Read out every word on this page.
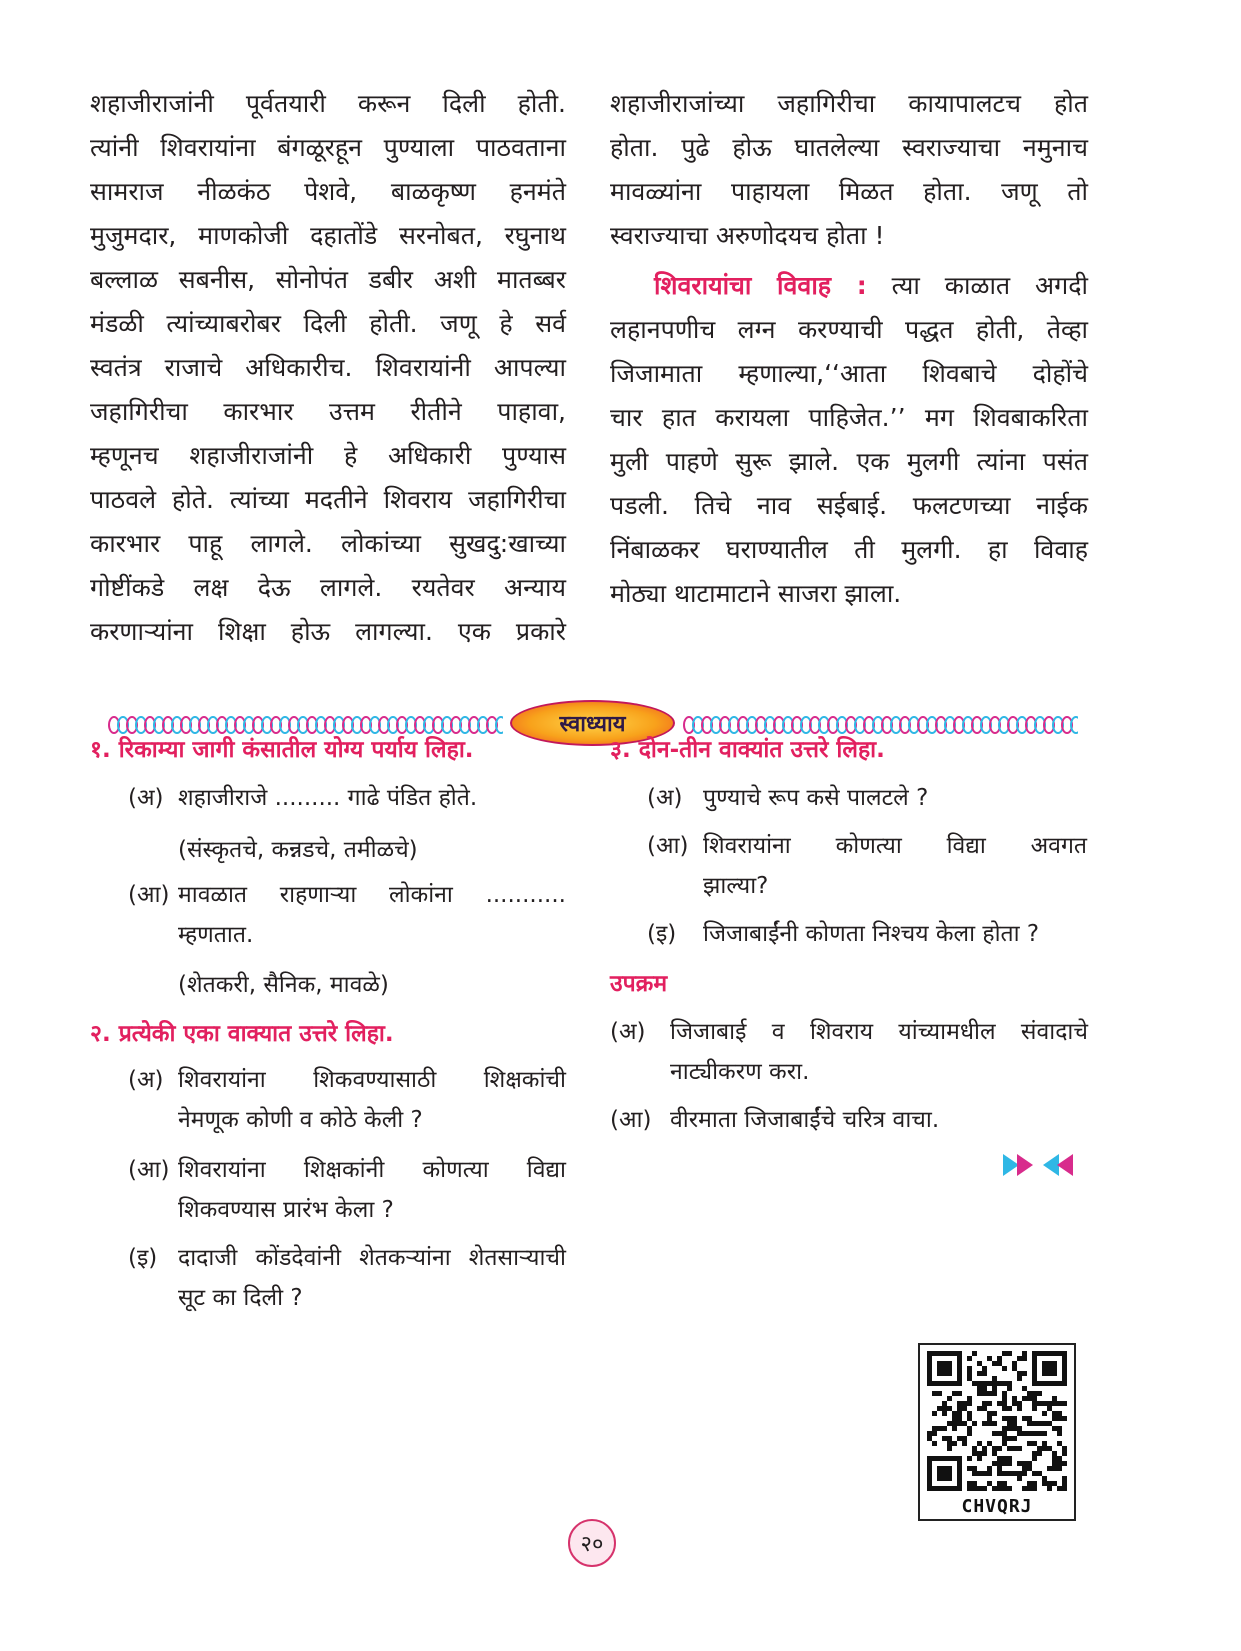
शहाजीराजांनी पूर्वतयारी करून दिली होती.
त्यांनी शिवरायांना बंगळूरहून पुण्याला पाठवताना
सामराज नीळकंठ पेशवे, बाळकृष्ण हनमंते
मुजुमदार, माणकोजी दहातोंडे सरनोबत, रघुनाथ
बल्लाळ सबनीस, सोनोपंत डबीर अशी मातब्बर
मंडळी त्यांच्याबरोबर दिली होती. जणू हे सर्व
स्वतंत्र राजाचे अधिकारीच. शिवरायांनी आपल्या
जहागिरीचा कारभार उत्तम रीतीने पाहावा,
म्हणूनच शहाजीराजांनी हे अधिकारी पुण्यास
पाठवले होते. त्यांच्या मदतीने शिवराय जहागिरीचा
कारभार पाहू लागले. लोकांच्या सुखदु:खाच्या
गोष्टींकडे लक्ष देऊ लागले. रयतेवर अन्याय
करणाऱ्यांना शिक्षा होऊ लागल्या. एक प्रकारे

शहाजीराजांच्या जहागिरीचा कायापालटच होत
होता. पुढे होऊ घातलेल्या स्वराज्याचा नमुनाच
मावळ्यांना पाहायला मिळत होता. जणू तो
स्वराज्याचा अरुणोदयच होता !

शिवरायांचा विवाह : त्या काळात अगदी
लहानपणीच लग्न करण्याची पद्धत होती, तेव्हा
जिजामाता म्हणाल्या,‘‘आता शिवबाचे दोहोंचे
चार हात करायला पाहिजेत.’’ मग शिवबाकरिता
मुली पाहणे सुरू झाले. एक मुलगी त्यांना पसंत
पडली. तिचे नाव सईबाई. फलटणच्या नाईक
निंबाळकर घराण्यातील ती मुलगी. हा विवाह
मोठ्या थाटामाटाने साजरा झाला.

स्वाध्याय
१. रिकाम्या जागी कंसातील योग्य पर्याय लिहा.
(अ) शहाजीराजे ......... गाढे पंडित होते.
(संस्कृतचे, कन्नडचे, तमीळचे)
(आ) मावळात राहणाऱ्या लोकांना ...........
म्हणतात.
(शेतकरी, सैनिक, मावळे)
२. प्रत्येकी एका वाक्यात उत्तरे लिहा.
(अ) शिवरायांना शिकवण्यासाठी शिक्षकांची
नेमणूक कोणी व कोठे केली ?
(आ) शिवरायांना शिक्षकांनी कोणत्या विद्या
शिकवण्यास प्रारंभ केला ?
(इ) दादाजी कोंडदेवांनी शेतकऱ्यांना शेतसाऱ्याची
सूट का दिली ?
३. दोन-तीन वाक्यांत उत्तरे लिहा.
(अ) पुण्याचे रूप कसे पालटले ?
(आ) शिवरायांना कोणत्या विद्या अवगत
झाल्या?
(इ) जिजाबाईंनी कोणता निश्चय केला होता ?
उपक्रम
(अ) जिजाबाई व शिवराय यांच्यामधील संवादाचे
नाट्यीकरण करा.
(आ) वीरमाता जिजाबाईंचे चरित्र वाचा.
CHVQRJ
२०
